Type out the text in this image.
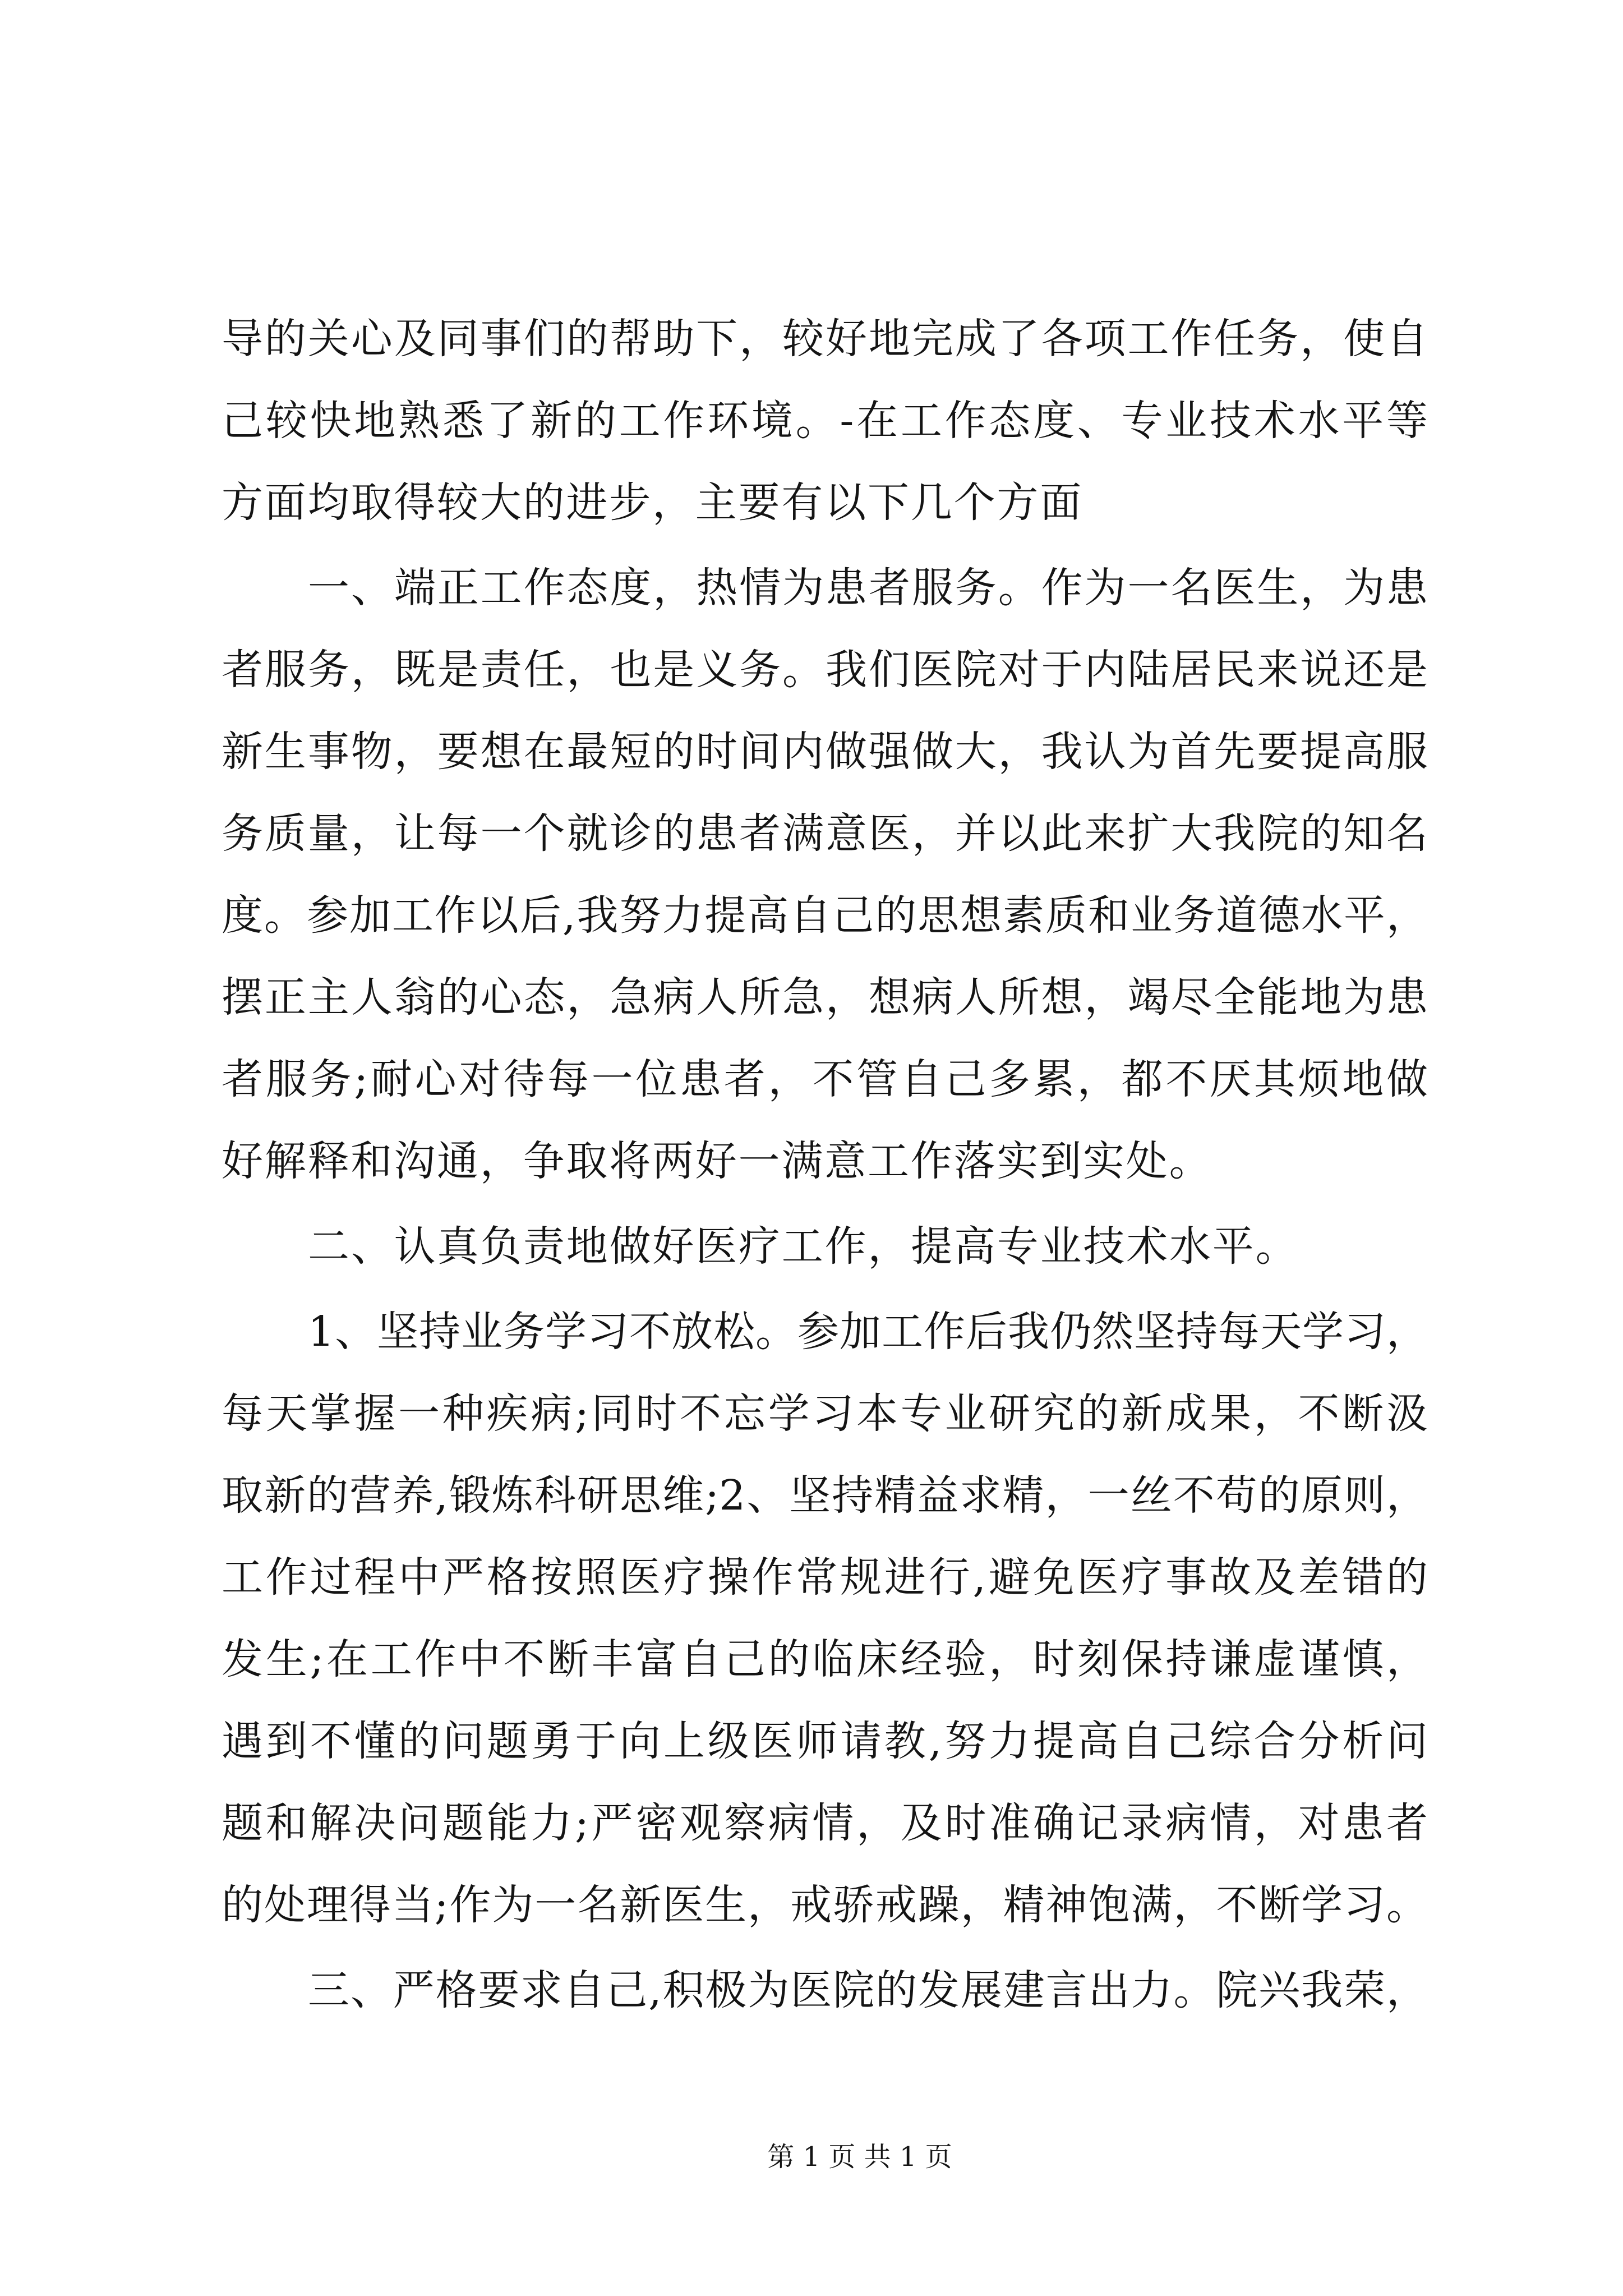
导的关心及同事们的帮助下，较好地完成了各项工作任务，使自
己较快地熟悉了新的工作环境。-在工作态度、专业技术水平等
方面均取得较大的进步，主要有以下几个方面
一、端正工作态度，热情为患者服务。作为一名医生，为患
者服务，既是责任，也是义务。我们医院对于内陆居民来说还是
新生事物，要想在最短的时间内做强做大，我认为首先要提高服
务质量，让每一个就诊的患者满意医，并以此来扩大我院的知名
度。参加工作以后,我努力提高自己的思想素质和业务道德水平，
摆正主人翁的心态，急病人所急，想病人所想，竭尽全能地为患
者服务;耐心对待每一位患者，不管自己多累，都不厌其烦地做
好解释和沟通，争取将两好一满意工作落实到实处。
二、认真负责地做好医疗工作，提高专业技术水平。
1、坚持业务学习不放松。参加工作后我仍然坚持每天学习，
每天掌握一种疾病;同时不忘学习本专业研究的新成果，不断汲
取新的营养,锻炼科研思维;2、坚持精益求精，一丝不苟的原则，
工作过程中严格按照医疗操作常规进行,避免医疗事故及差错的
发生;在工作中不断丰富自己的临床经验，时刻保持谦虚谨慎，
遇到不懂的问题勇于向上级医师请教,努力提高自己综合分析问
题和解决问题能力;严密观察病情，及时准确记录病情，对患者
的处理得当;作为一名新医生，戒骄戒躁，精神饱满，不断学习。
三、严格要求自己,积极为医院的发展建言出力。院兴我荣，
第 1 页 共 1 页
